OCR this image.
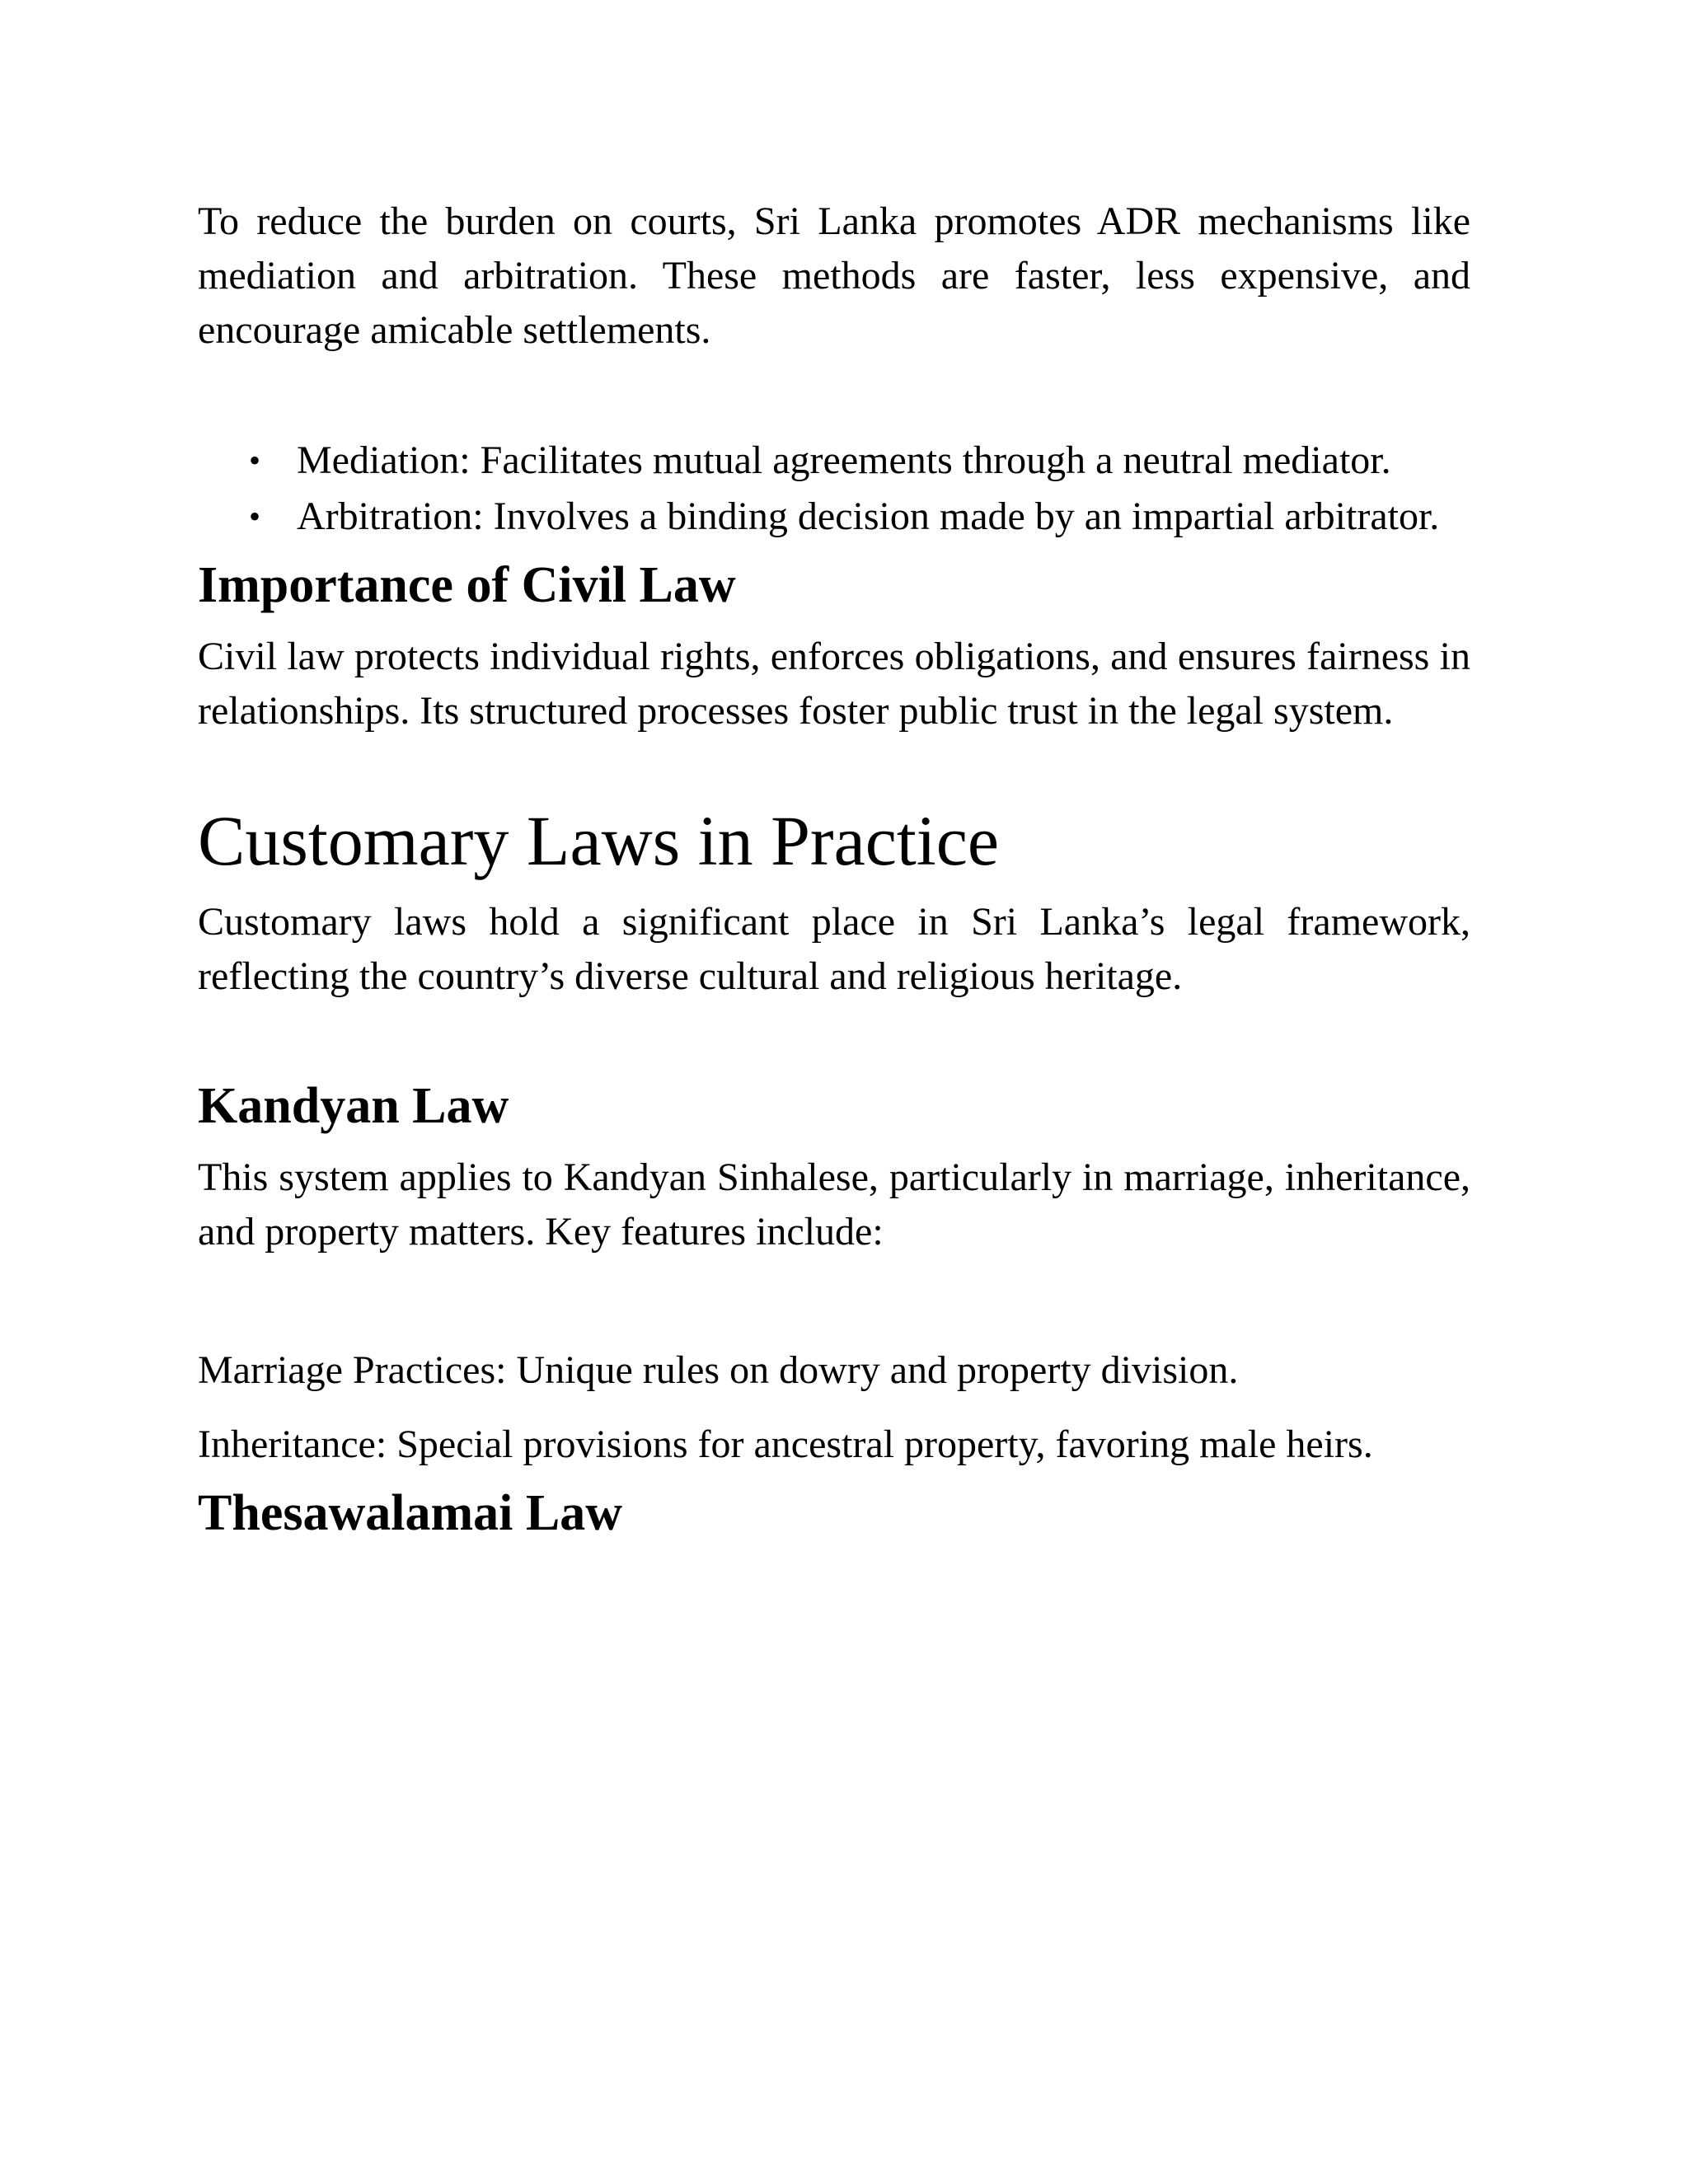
To reduce the burden on courts, Sri Lanka promotes ADR mechanisms like mediation and arbitration. These methods are faster, less expensive, and encourage amicable settlements.

• Mediation: Facilitates mutual agreements through a neutral mediator.
• Arbitration: Involves a binding decision made by an impartial arbitrator.
Importance of Civil Law

Civil law protects individual rights, enforces obligations, and ensures fairness in relationships. Its structured processes foster public trust in the legal system.

Customary Laws in Practice

Customary laws hold a significant place in Sri Lanka’s legal framework, reflecting the country’s diverse cultural and religious heritage.

Kandyan Law

This system applies to Kandyan Sinhalese, particularly in marriage, inheritance, and property matters. Key features include:

Marriage Practices: Unique rules on dowry and property division.

Inheritance: Special provisions for ancestral property, favoring male heirs.

Thesawalamai Law
